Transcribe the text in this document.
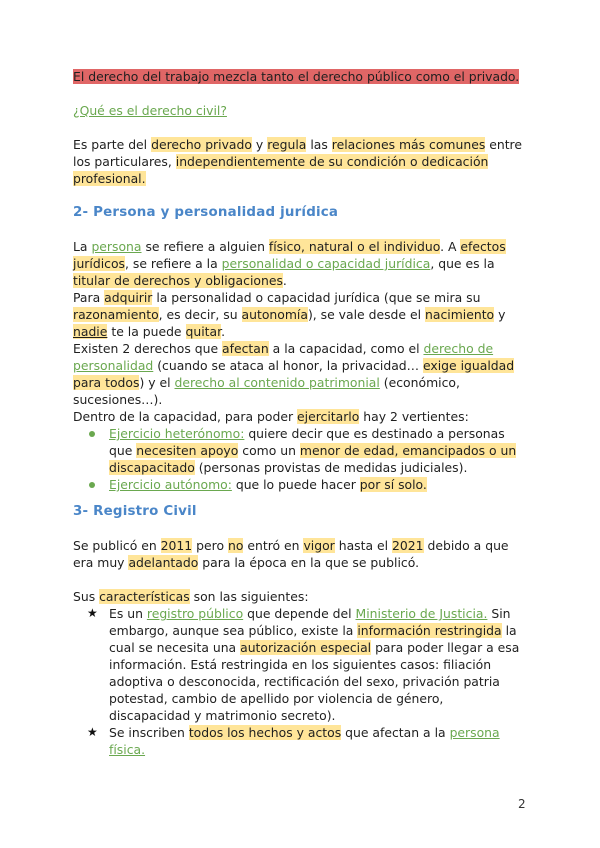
El derecho del trabajo mezcla tanto el derecho público como el privado.

¿Qué es el derecho civil?

Es parte del derecho privado y regula las relaciones más comunes entre los particulares, independientemente de su condición o dedicación profesional.

2- Persona y personalidad jurídica

La persona se refiere a alguien físico, natural o el individuo. A efectos jurídicos, se refiere a la personalidad o capacidad jurídica, que es la titular de derechos y obligaciones.

Para adquirir la personalidad o capacidad jurídica (que se mira su razonamiento, es decir, su autonomía), se vale desde el nacimiento y nadie te la puede quitar.

Existen 2 derechos que afectan a la capacidad, como el derecho de personalidad (cuando se ataca al honor, la privacidad… exige igualdad para todos) y el derecho al contenido patrimonial (económico, sucesiones…).

Dentro de la capacidad, para poder ejercitarlo hay 2 vertientes:

Ejercicio heterónomo: quiere decir que es destinado a personas que necesiten apoyo como un menor de edad, emancipados o un discapacitado (personas provistas de medidas judiciales).
Ejercicio autónomo: que lo puede hacer por sí solo.

3- Registro Civil

Se publicó en 2011 pero no entró en vigor hasta el 2021 debido a que era muy adelantado para la época en la que se publicó.

Sus características son las siguientes:

★ Es un registro público que depende del Ministerio de Justicia. Sin embargo, aunque sea público, existe la información restringida la cual se necesita una autorización especial para poder llegar a esa información. Está restringida en los siguientes casos: filiación adoptiva o desconocida, rectificación del sexo, privación patria potestad, cambio de apellido por violencia de género, discapacidad y matrimonio secreto).
★ Se inscriben todos los hechos y actos que afectan a la persona física.
2
